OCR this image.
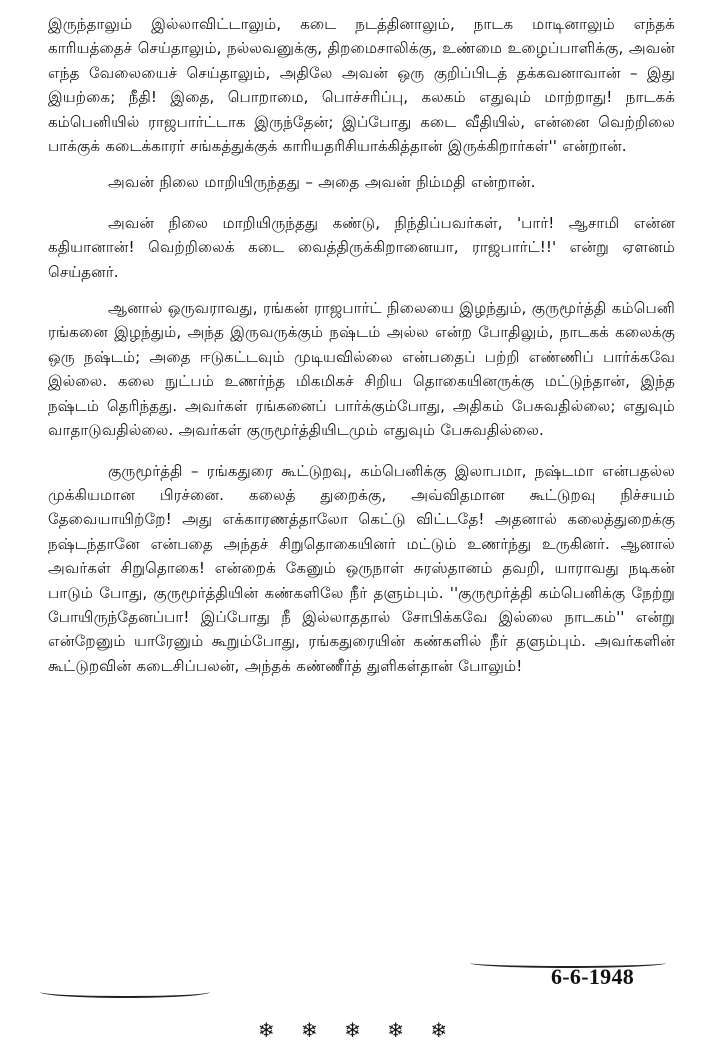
இருந்தாலும் இல்லாவிட்டாலும், கடை நடத்தினாலும், நாடக மாடினாலும் எந்தக் காரியத்தைச் செய்தாலும், நல்லவனுக்கு, திறமைசாலிக்கு, உண்மை உழைப்பாளிக்கு, அவன் எந்த வேலையைச் செய்தாலும், அதிலே அவன் ஒரு குறிப்பிடத் தக்கவனாவான் – இது இயற்கை; நீதி! இதை, பொறாமை, பொச்சரிப்பு, கலகம் எதுவும் மாற்றாது! நாடகக் கம்பெனியில் ராஜபார்ட்டாக இருந்தேன்; இப்போது கடை வீதியில், என்னை வெற்றிலை பாக்குக் கடைக்காரர் சங்கத்துக்குக் காரியதரிசியாக்கித்தான் இருக்கிறார்கள்'' என்றான்.

அவன் நிலை மாறியிருந்தது – அதை அவன் நிம்மதி என்றான்.

அவன் நிலை மாறியிருந்தது கண்டு, நிந்திப்பவர்கள், 'பார்! ஆசாமி என்ன கதியானான்! வெற்றிலைக் கடை வைத்திருக்கிறானையா, ராஜபார்ட்!!' என்று ஏளனம் செய்தனர்.

ஆனால் ஒருவராவது, ரங்கன் ராஜபார்ட் நிலையை இழந்தும், குருமூர்த்தி கம்பெனி ரங்கனை இழந்தும், அந்த இருவருக்கும் நஷ்டம் அல்ல என்ற போதிலும், நாடகக் கலைக்கு ஒரு நஷ்டம்; அதை ஈடுகட்டவும் முடியவில்லை என்பதைப் பற்றி எண்ணிப் பார்க்கவே இல்லை. கலை நுட்பம் உணர்ந்த மிகமிகச் சிறிய தொகையினருக்கு மட்டுந்தான், இந்த நஷ்டம் தெரிந்தது. அவர்கள் ரங்கனைப் பார்க்கும்போது, அதிகம் பேசுவதில்லை; எதுவும் வாதாடுவதில்லை. அவர்கள் குருமூர்த்தியிடமும் எதுவும் பேசுவதில்லை.

குருமூர்த்தி – ரங்கதுரை கூட்டுறவு, கம்பெனிக்கு இலாபமா, நஷ்டமா என்பதல்ல முக்கியமான பிரச்னை. கலைத் துறைக்கு, அவ்விதமான கூட்டுறவு நிச்சயம் தேவையாயிற்றே! அது எக்காரணத்தாலோ கெட்டு விட்டதே! அதனால் கலைத்துறைக்கு நஷ்டந்தானே என்பதை அந்தச் சிறுதொகையினர் மட்டும் உணர்ந்து உருகினர். ஆனால் அவர்கள் சிறுதொகை! என்றைக் கேனும் ஒருநாள் சுரஸ்தானம் தவறி, யாராவது நடிகன் பாடும் போது, குருமூர்த்தியின் கண்களிலே நீர் தளும்பும். ''குருமூர்த்தி கம்பெனிக்கு நேற்று போயிருந்தேனப்பா! இப்போது நீ இல்லாததால் சோபிக்கவே இல்லை நாடகம்'' என்று என்றேனும் யாரேனும் கூறும்போது, ரங்கதுரையின் கண்களில் நீர் தளும்பும். அவர்களின் கூட்டுறவின் கடைசிப்பலன், அந்தக் கண்ணீர்த் துளிகள்தான் போலும்!

6-6-1948
❄ ❄ ❄ ❄ ❄
